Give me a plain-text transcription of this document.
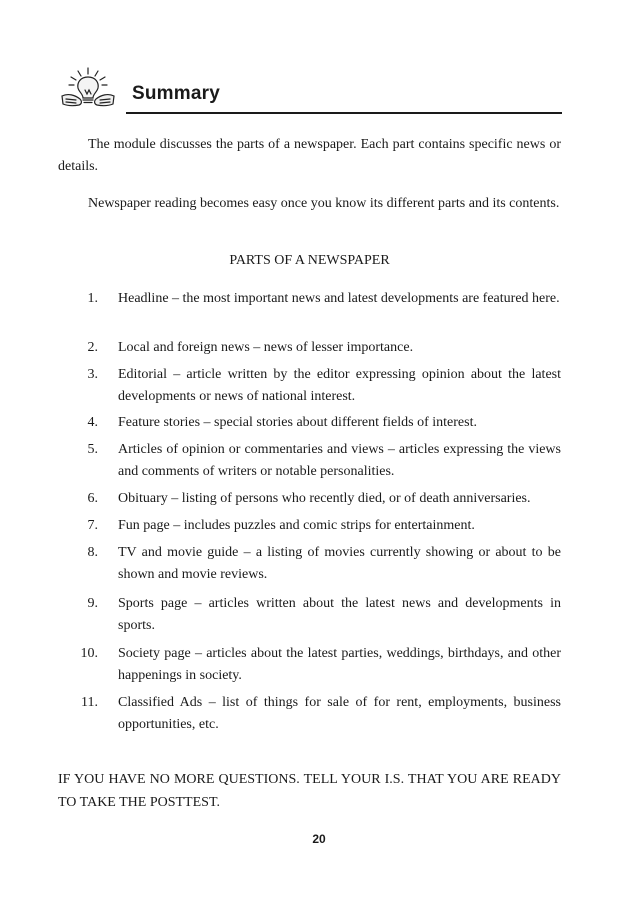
Summary

The module discusses the parts of a newspaper. Each part contains specific news or details.

Newspaper reading becomes easy once you know its different parts and its contents.

PARTS OF A NEWSPAPER

1. Headline – the most important news and latest developments are featured here.
2. Local and foreign news – news of lesser importance.
3. Editorial – article written by the editor expressing opinion about the latest developments or news of national interest.
4. Feature stories – special stories about different fields of interest.
5. Articles of opinion or commentaries and views – articles expressing the views and comments of writers or notable personalities.
6. Obituary – listing of persons who recently died, or of death anniversaries.
7. Fun page – includes puzzles and comic strips for entertainment.
8. TV and movie guide – a listing of movies currently showing or about to be shown and movie reviews.
9. Sports page – articles written about the latest news and developments in sports.
10. Society page – articles about the latest parties, weddings, birthdays, and other happenings in society.
11. Classified Ads – list of things for sale of for rent, employments, business opportunities, etc.

IF YOU HAVE NO MORE QUESTIONS. TELL YOUR I.S. THAT YOU ARE READY TO TAKE THE POSTTEST.

20
